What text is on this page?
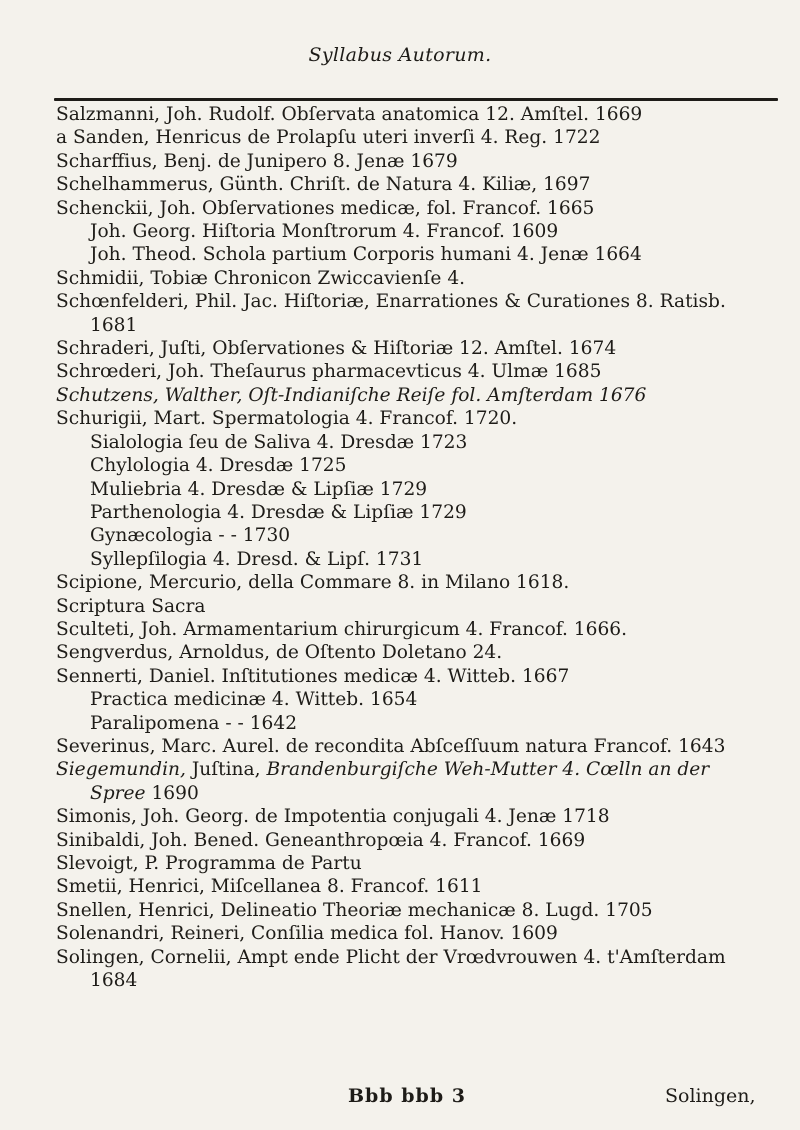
Syllabus Autorum.
Salzmanni, Joh. Rudolf. Obſervata anatomica 12. Amſtel. 1669
a Sanden, Henricus de Prolapſu uteri inverſi 4. Reg. 1722
Scharffius, Benj. de Junipero 8. Jenæ 1679
Schelhammerus, Günth. Chriſt. de Natura 4. Kiliæ, 1697
Schenckii, Joh. Obſervationes medicæ, fol. Francof. 1665
Joh. Georg. Hiſtoria Monſtrorum 4. Francof. 1609
Joh. Theod. Schola partium Corporis humani 4. Jenæ 1664
Schmidii, Tobiæ Chronicon Zwiccavienſe 4.
Schœnfelderi, Phil. Jac. Hiſtoriæ, Enarrationes & Curationes 8. Ratisb.
1681
Schraderi, Juſti, Obſervationes & Hiſtoriæ 12. Amſtel. 1674
Schrœderi, Joh. Theſaurus pharmacevticus 4. Ulmæ 1685
Schutzens, Walther, Oſt-Indianiſche Reiſe fol. Amſterdam 1676
Schurigii, Mart. Spermatologia 4. Francof. 1720.
Sialologia ſeu de Saliva 4. Dresdæ 1723
Chylologia 4. Dresdæ 1725
Muliebria 4. Dresdæ & Lipſiæ 1729
Parthenologia 4. Dresdæ & Lipſiæ 1729
Gynæcologia - - 1730
Syllepſilogia 4. Dresd. & Lipſ. 1731
Scipione, Mercurio, della Commare 8. in Milano 1618.
Scriptura Sacra
Sculteti, Joh. Armamentarium chirurgicum 4. Francof. 1666.
Sengverdus, Arnoldus, de Oſtento Doletano 24.
Sennerti, Daniel. Inſtitutiones medicæ 4. Witteb. 1667
Practica medicinæ 4. Witteb. 1654
Paralipomena - - 1642
Severinus, Marc. Aurel. de recondita Abſceſſuum natura Francof. 1643
Siegemundin, Juſtina, Brandenburgiſche Weh-Mutter 4. Cœlln an der
Spree 1690
Simonis, Joh. Georg. de Impotentia conjugali 4. Jenæ 1718
Sinibaldi, Joh. Bened. Geneanthropœia 4. Francof. 1669
Slevoigt, P. Programma de Partu
Smetii, Henrici, Miſcellanea 8. Francof. 1611
Snellen, Henrici, Delineatio Theoriæ mechanicæ 8. Lugd. 1705
Solenandri, Reineri, Conſilia medica fol. Hanov. 1609
Solingen, Cornelii, Ampt ende Plicht der Vrœdvrouwen 4. t'Amſterdam
1684
Bbb bbb 3	Solingen,
